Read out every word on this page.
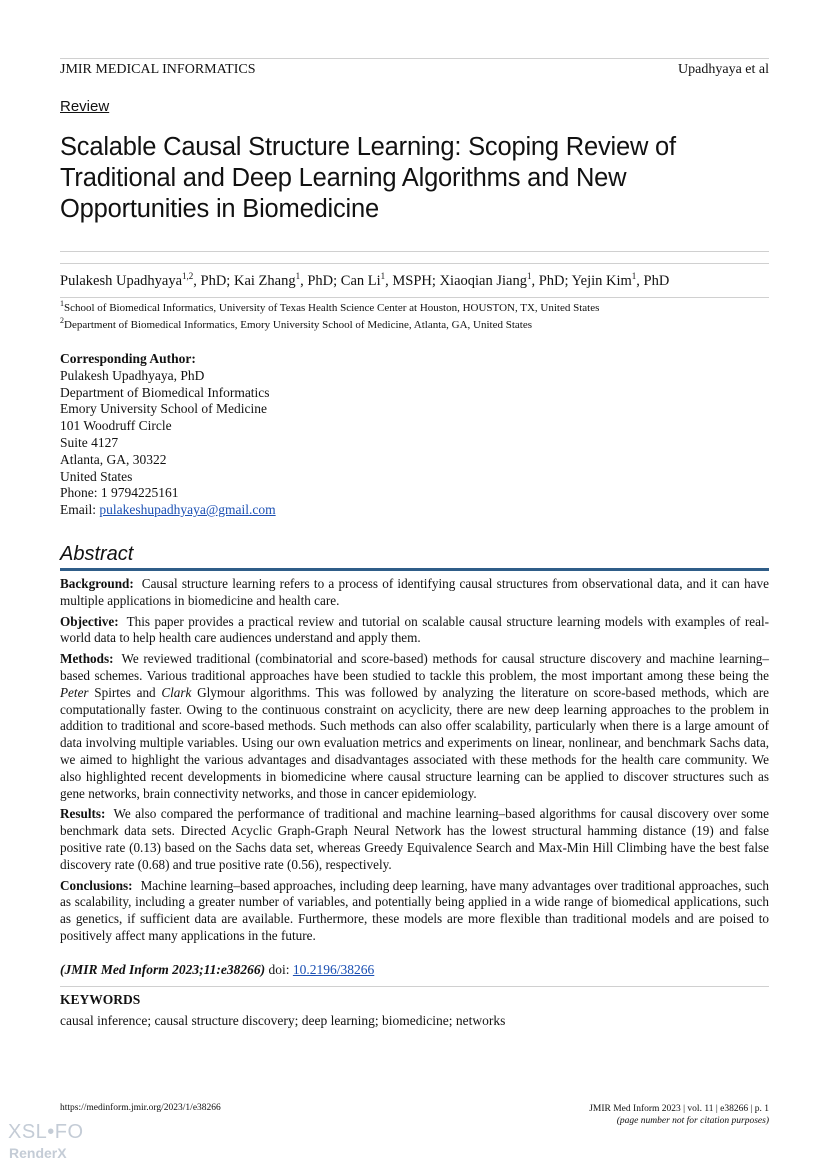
JMIR MEDICAL INFORMATICS	Upadhyaya et al
Review
Scalable Causal Structure Learning: Scoping Review of Traditional and Deep Learning Algorithms and New Opportunities in Biomedicine
Pulakesh Upadhyaya$^{1,2}$, PhD; Kai Zhang$^1$, PhD; Can Li$^1$, MSPH; Xiaoqian Jiang$^1$, PhD; Yejin Kim$^1$, PhD
$^1$School of Biomedical Informatics, University of Texas Health Science Center at Houston, HOUSTON, TX, United States
$^2$Department of Biomedical Informatics, Emory University School of Medicine, Atlanta, GA, United States
Corresponding Author:
Pulakesh Upadhyaya, PhD
Department of Biomedical Informatics
Emory University School of Medicine
101 Woodruff Circle
Suite 4127
Atlanta, GA, 30322
United States
Phone: 1 9794225161
Email: pulakeshupadhyaya@gmail.com
Abstract

Background: Causal structure learning refers to a process of identifying causal structures from observational data, and it can have multiple applications in biomedicine and health care.

Objective: This paper provides a practical review and tutorial on scalable causal structure learning models with examples of real-world data to help health care audiences understand and apply them.

Methods: We reviewed traditional (combinatorial and score-based) methods for causal structure discovery and machine learning–based schemes. Various traditional approaches have been studied to tackle this problem, the most important among these being the Peter Spirtes and Clark Glymour algorithms. This was followed by analyzing the literature on score-based methods, which are computationally faster. Owing to the continuous constraint on acyclicity, there are new deep learning approaches to the problem in addition to traditional and score-based methods. Such methods can also offer scalability, particularly when there is a large amount of data involving multiple variables. Using our own evaluation metrics and experiments on linear, nonlinear, and benchmark Sachs data, we aimed to highlight the various advantages and disadvantages associated with these methods for the health care community. We also highlighted recent developments in biomedicine where causal structure learning can be applied to discover structures such as gene networks, brain connectivity networks, and those in cancer epidemiology.

Results: We also compared the performance of traditional and machine learning–based algorithms for causal discovery over some benchmark data sets. Directed Acyclic Graph-Graph Neural Network has the lowest structural hamming distance (19) and false positive rate (0.13) based on the Sachs data set, whereas Greedy Equivalence Search and Max-Min Hill Climbing have the best false discovery rate (0.68) and true positive rate (0.56), respectively.

Conclusions: Machine learning–based approaches, including deep learning, have many advantages over traditional approaches, such as scalability, including a greater number of variables, and potentially being applied in a wide range of biomedical applications, such as genetics, if sufficient data are available. Furthermore, these models are more flexible than traditional models and are poised to positively affect many applications in the future.

(JMIR Med Inform 2023;11:e38266) doi: 10.2196/38266
KEYWORDS
causal inference; causal structure discovery; deep learning; biomedicine; networks
https://medinform.jmir.org/2023/1/e38266	JMIR Med Inform 2023 | vol. 11 | e38266 | p. 1
(page number not for citation purposes)
XSL•FO
RenderX
